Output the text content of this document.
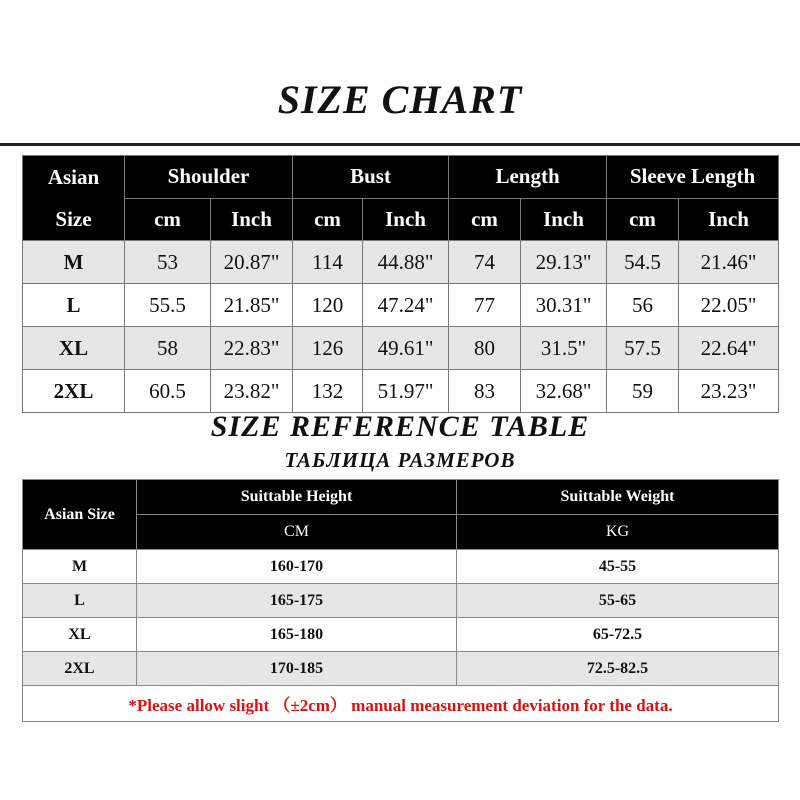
SIZE CHART
Asian
Size	Shoulder		Bust		Length		Sleeve Length	
	cm	Inch	cm	Inch	cm	Inch	cm	Inch
M	53	20.87"	114	44.88"	74	29.13"	54.5	21.46"
L	55.5	21.85"	120	47.24"	77	30.31"	56	22.05"
XL	58	22.83"	126	49.61"	80	31.5"	57.5	22.64"
2XL	60.5	23.82"	132	51.97"	83	32.68"	59	23.23"
SIZE REFERENCE TABLE
ТАБЛИЦА РАЗМЕРОВ
Asian Size	Suittable Height	Suittable Weight
	CM	KG
M	160-170	45-55
L	165-175	55-65
XL	165-180	65-72.5
2XL	170-185	72.5-82.5
*Please allow slight （±2cm） manual measurement deviation for the data.		
